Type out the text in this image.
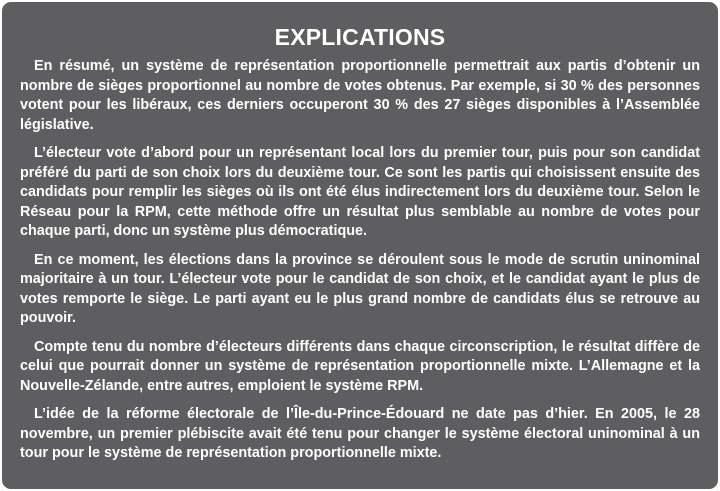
EXPLICATIONS

En résumé, un système de représentation proportionnelle permettrait aux partis d’obtenir un nombre de sièges proportionnel au nombre de votes obtenus. Par exemple, si 30 % des personnes votent pour les libéraux, ces derniers occuperont 30 % des 27 sièges disponibles à l’Assemblée législative.

L’électeur vote d’abord pour un représentant local lors du premier tour, puis pour son candidat préféré du parti de son choix lors du deuxième tour. Ce sont les partis qui choisissent ensuite des candidats pour remplir les sièges où ils ont été élus indirectement lors du deuxième tour. Selon le Réseau pour la RPM, cette méthode offre un résultat plus semblable au nombre de votes pour chaque parti, donc un système plus démocratique.

En ce moment, les élections dans la province se déroulent sous le mode de scrutin uninominal majoritaire à un tour. L’électeur vote pour le candidat de son choix, et le candidat ayant le plus de votes remporte le siège. Le parti ayant eu le plus grand nombre de candidats élus se retrouve au pouvoir.

Compte tenu du nombre d’électeurs différents dans chaque circonscription, le résultat diffère de celui que pourrait donner un système de représentation proportionnelle mixte. L’Allemagne et la Nouvelle-Zélande, entre autres, emploient le système RPM.

L’idée de la réforme électorale de l’Île-du-Prince-Édouard ne date pas d’hier. En 2005, le 28 novembre, un premier plébiscite avait été tenu pour changer le système électoral uninominal à un tour pour le système de représentation proportionnelle mixte.
